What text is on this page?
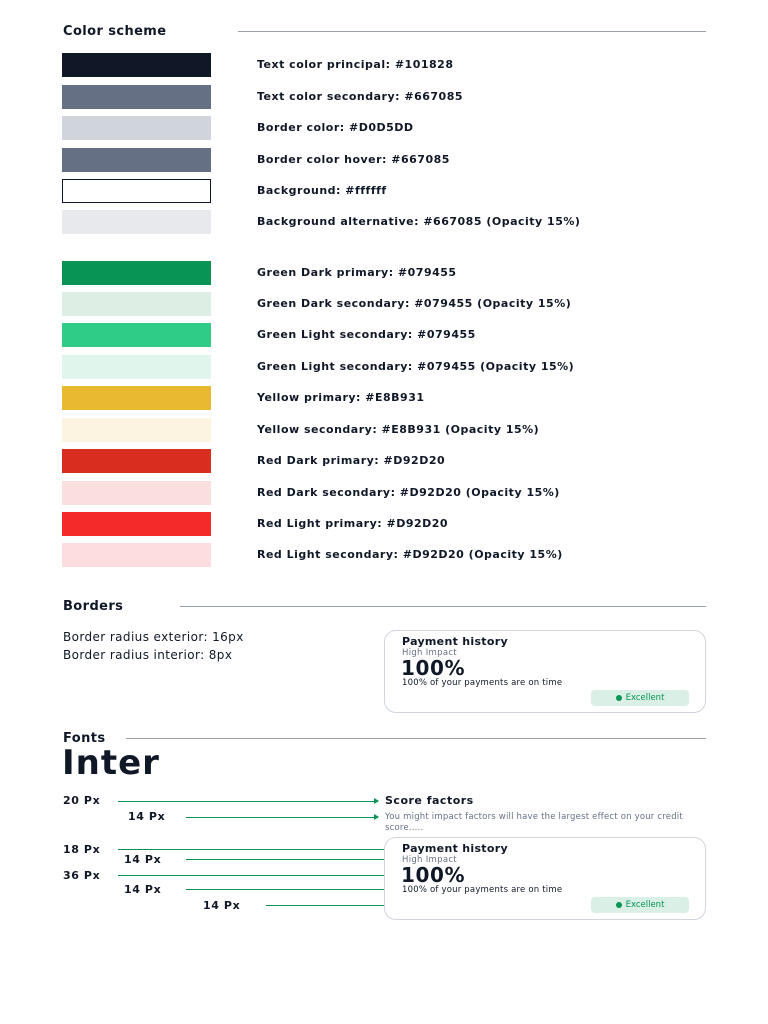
Color scheme
Text color principal: #101828
Text color secondary: #667085
Border color: #D0D5DD
Border color hover: #667085
Background: #ffffff
Background alternative: #667085 (Opacity 15%)
Green Dark primary: #079455
Green Dark secondary: #079455 (Opacity 15%)
Green Light secondary: #079455
Green Light secondary: #079455 (Opacity 15%)
Yellow primary: #E8B931
Yellow secondary: #E8B931 (Opacity 15%)
Red Dark primary: #D92D20
Red Dark secondary: #D92D20 (Opacity 15%)
Red Light primary: #D92D20
Red Light secondary: #D92D20 (Opacity 15%)
Borders
Border radius exterior: 16px
Border radius interior: 8px
Payment history
High Impact
100%
100% of your payments are on time
Excellent
Fonts
Inter
20 Px
14 Px
Score factors
You might impact factors will have the largest effect on your credit score.....
18 Px
14 Px
36 Px
14 Px
14 Px
Payment history
High Impact
100%
100% of your payments are on time
Excellent
